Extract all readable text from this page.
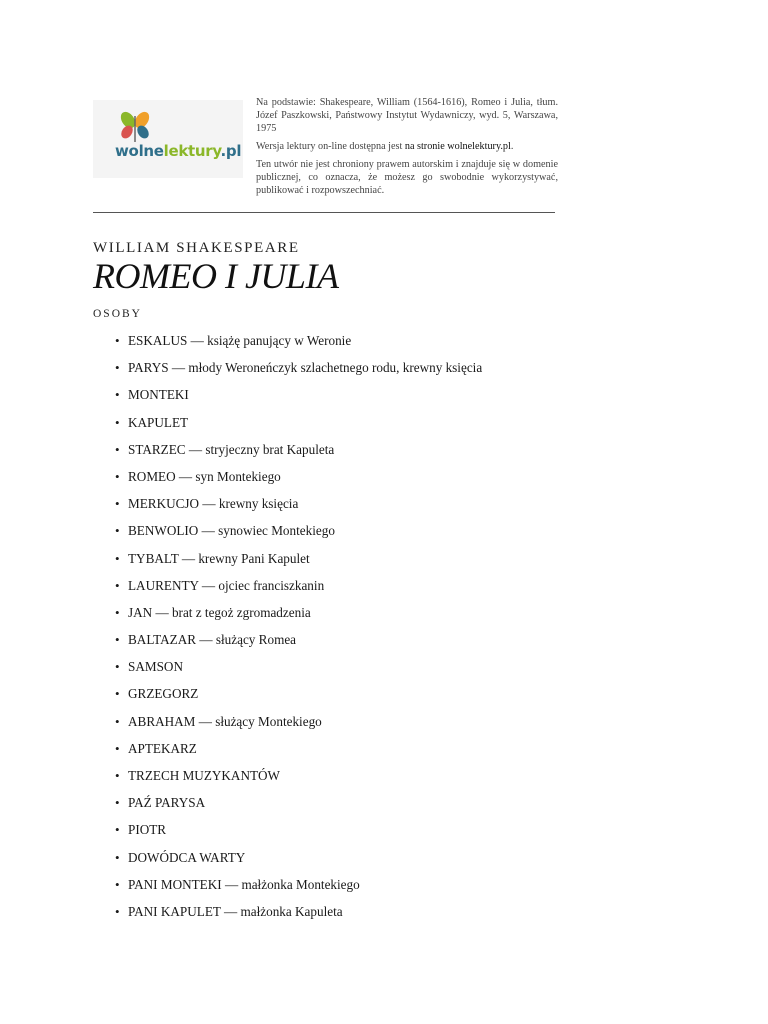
wolnelektury.pl

Na podstawie: Shakespeare, William (1564-1616), Romeo i Julia, tłum. Józef Paszkowski, Państwowy Instytut Wydawniczy, wyd. 5, Warszawa, 1975

Wersja lektury on-line dostępna jest na stronie wolnelektury.pl.

Ten utwór nie jest chroniony prawem autorskim i znajduje się w domenie publicznej, co oznacza, że możesz go swobodnie wykorzystywać, publikować i rozpowszechniać.

WILLIAM SHAKESPEARE
ROMEO I JULIA
OSOBY
• ESKALUS — książę panujący w Weronie
• PARYS — młody Weroneńczyk szlachetnego rodu, krewny księcia
• MONTEKI
• KAPULET
• STARZEC — stryjeczny brat Kapuleta
• ROMEO — syn Montekiego
• MERKUCJO — krewny księcia
• BENWOLIO — synowiec Montekiego
• TYBALT — krewny Pani Kapulet
• LAURENTY — ojciec franciszkanin
• JAN — brat z tegoż zgromadzenia
• BALTAZAR — służący Romea
• SAMSON
• GRZEGORZ
• ABRAHAM — służący Montekiego
• APTEKARZ
• TRZECH MUZYKANTÓW
• PAŹ PARYSA
• PIOTR
• DOWÓDCA WARTY
• PANI MONTEKI — małżonka Montekiego
• PANI KAPULET — małżonka Kapuleta
